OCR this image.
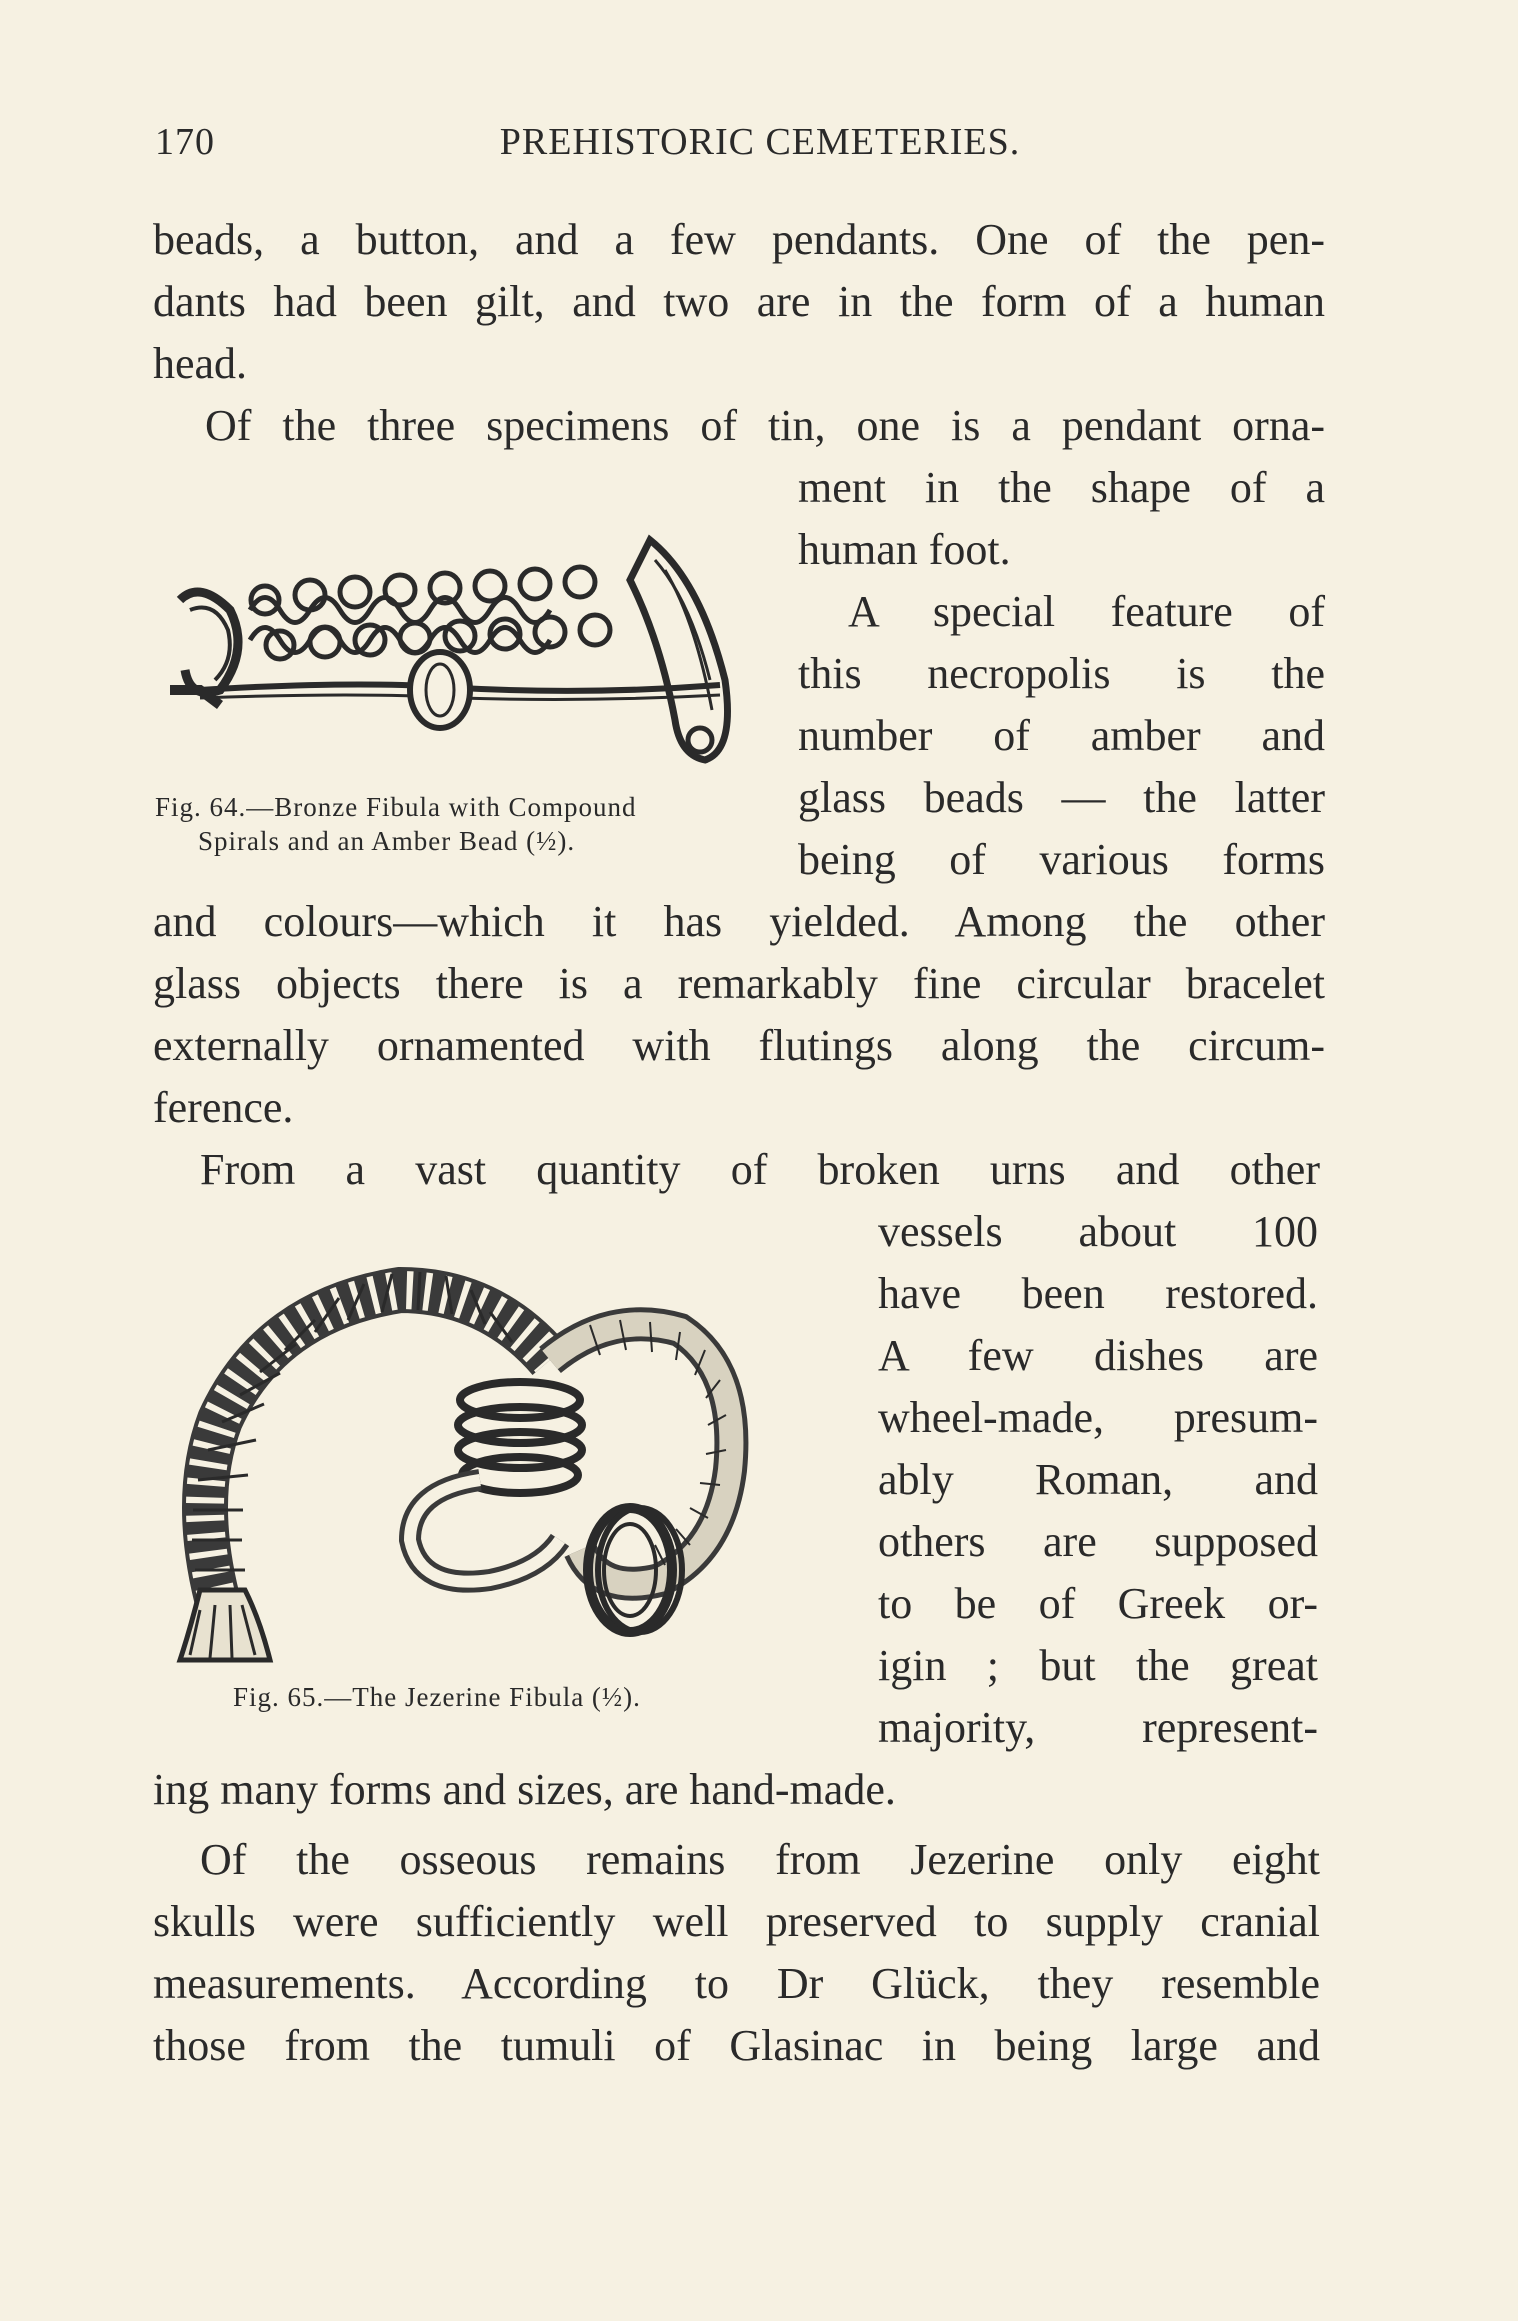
170	PREHISTORIC CEMETERIES.
beads, a button, and a few pendants. One of the pen-
dants had been gilt, and two are in the form of a human
head.
Of the three specimens of tin, one is a pendant orna-
ment in the shape of a
human foot.
Fig. 64.—Bronze Fibula with Compound
Spirals and an Amber Bead (½).
A special feature of
this necropolis is the
number of amber and
glass beads — the latter
being of various forms
and colours—which it has yielded. Among the other
glass objects there is a remarkably fine circular bracelet
externally ornamented with flutings along the circum-
ference.
From a vast quantity of broken urns and other
vessels about 100
have been restored.
A few dishes are
wheel-made, presum-
ably Roman, and
others are supposed
to be of Greek or-
igin ; but the great
majority, represent-
ing many forms and sizes, are hand-made.
Fig. 65.—The Jezerine Fibula (½).
Of the osseous remains from Jezerine only eight
skulls were sufficiently well preserved to supply cranial
measurements. According to Dr Glück, they resemble
those from the tumuli of Glasinac in being large and
